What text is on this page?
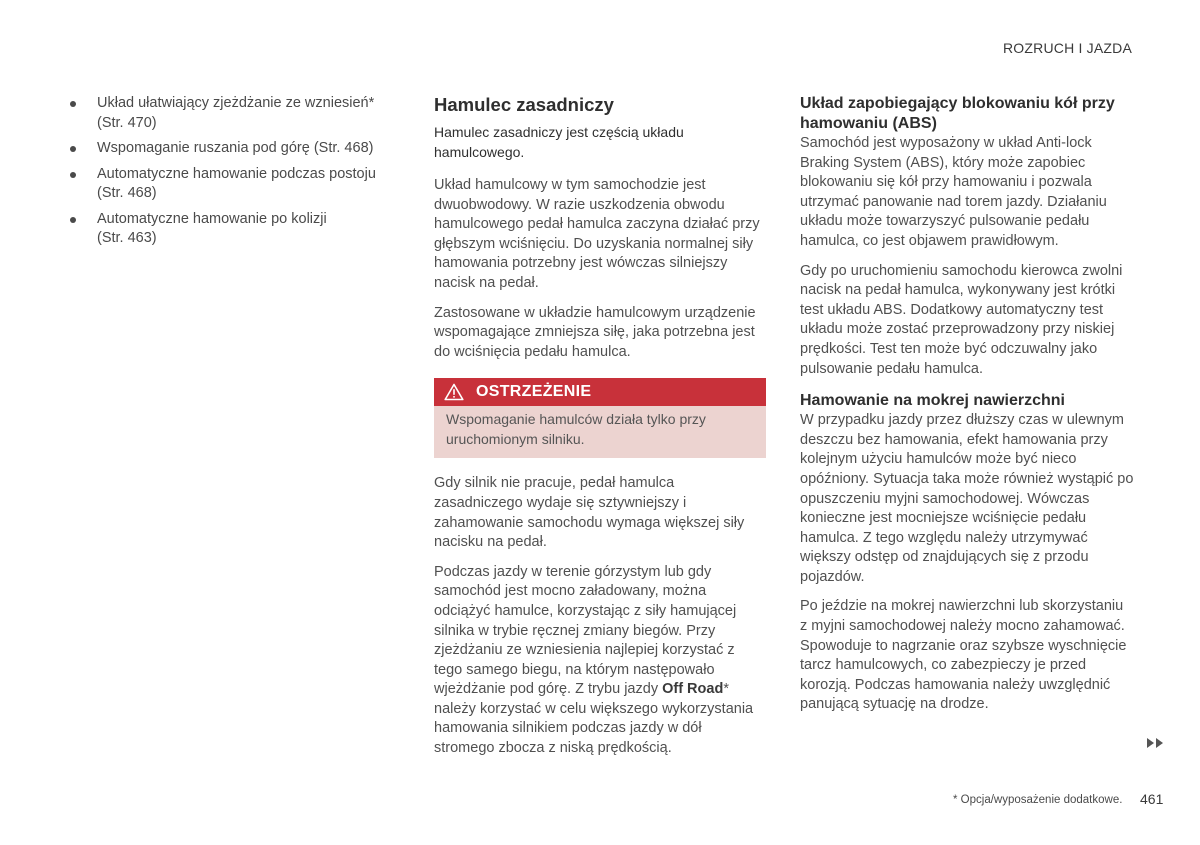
ROZRUCH I JAZDA
Układ ułatwiający zjeżdżanie ze wzniesień*
(Str. 470)
Wspomaganie ruszania pod górę (Str. 468)
Automatyczne hamowanie podczas postoju
(Str. 468)
Automatyczne hamowanie po kolizji
(Str. 463)
Hamulec zasadniczy

Hamulec zasadniczy jest częścią układu hamulcowego.

Układ hamulcowy w tym samochodzie jest dwuobwodowy. W razie uszkodzenia obwodu hamulcowego pedał hamulca zaczyna działać przy głębszym wciśnięciu. Do uzyskania normalnej siły hamowania potrzebny jest wówczas silniejszy nacisk na pedał.

Zastosowane w układzie hamulcowym urządzenie wspomagające zmniejsza siłę, jaka potrzebna jest do wciśnięcia pedału hamulca.

OSTRZEŻENIE
Wspomaganie hamulców działa tylko przy uruchomionym silniku.

Gdy silnik nie pracuje, pedał hamulca zasadniczego wydaje się sztywniejszy i zahamowanie samochodu wymaga większej siły nacisku na pedał.

Podczas jazdy w terenie górzystym lub gdy samochód jest mocno załadowany, można odciążyć hamulce, korzystając z siły hamującej silnika w trybie ręcznej zmiany biegów. Przy zjeżdżaniu ze wzniesienia najlepiej korzystać z tego samego biegu, na którym następowało wjeżdżanie pod górę. Z trybu jazdy Off Road* należy korzystać w celu większego wykorzystania hamowania silnikiem podczas jazdy w dół stromego zbocza z niską prędkością.

Układ zapobiegający blokowaniu kół przy hamowaniu (ABS)

Samochód jest wyposażony w układ Anti-lock Braking System (ABS), który może zapobiec blokowaniu się kół przy hamowaniu i pozwala utrzymać panowanie nad torem jazdy. Działaniu układu może towarzyszyć pulsowanie pedału hamulca, co jest objawem prawidłowym.

Gdy po uruchomieniu samochodu kierowca zwolni nacisk na pedał hamulca, wykonywany jest krótki test układu ABS. Dodatkowy automatyczny test układu może zostać przeprowadzony przy niskiej prędkości. Test ten może być odczuwalny jako pulsowanie pedału hamulca.

Hamowanie na mokrej nawierzchni

W przypadku jazdy przez dłuższy czas w ulewnym deszczu bez hamowania, efekt hamowania przy kolejnym użyciu hamulców może być nieco opóźniony. Sytuacja taka może również wystąpić po opuszczeniu myjni samochodowej. Wówczas konieczne jest mocniejsze wciśnięcie pedału hamulca. Z tego względu należy utrzymywać większy odstęp od znajdujących się z przodu pojazdów.

Po jeździe na mokrej nawierzchni lub skorzystaniu z myjni samochodowej należy mocno zahamować. Spowoduje to nagrzanie oraz szybsze wyschnięcie tarcz hamulcowych, co zabezpieczy je przed korozją. Podczas hamowania należy uwzględnić panującą sytuację na drodze.

* Opcja/wyposażenie dodatkowe. 461
